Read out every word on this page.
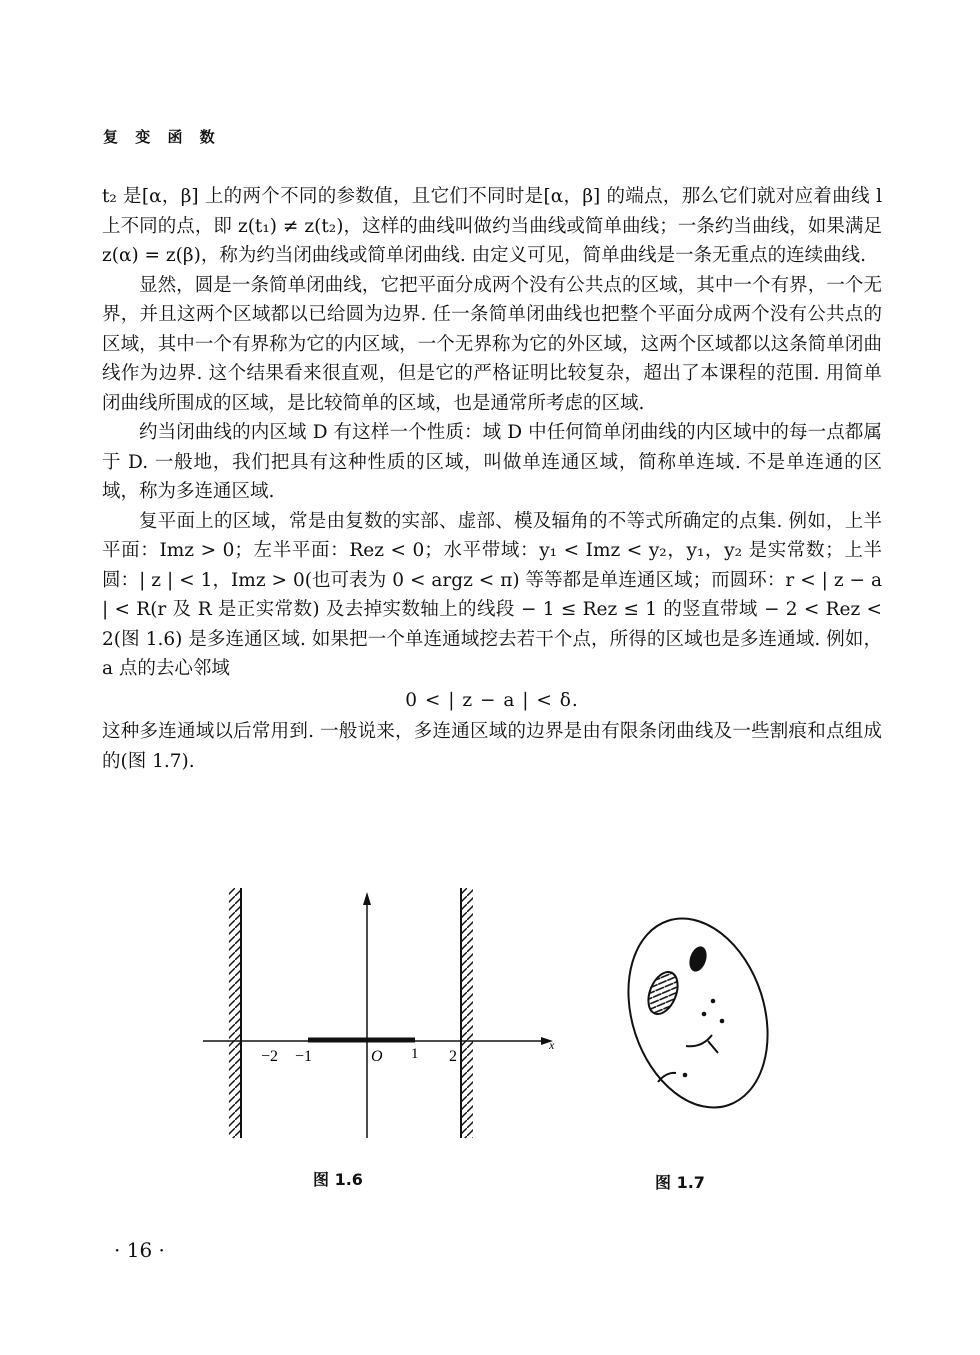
复 变 函 数

t₂ 是[α，β] 上的两个不同的参数值，且它们不同时是[α，β] 的端点，那么它们就对应着曲线 l 上不同的点，即 z(t₁) ≠ z(t₂)，这样的曲线叫做约当曲线或简单曲线；一条约当曲线，如果满足 z(α) = z(β)，称为约当闭曲线或简单闭曲线. 由定义可见，简单曲线是一条无重点的连续曲线.

显然，圆是一条简单闭曲线，它把平面分成两个没有公共点的区域，其中一个有界，一个无界，并且这两个区域都以已给圆为边界. 任一条简单闭曲线也把整个平面分成两个没有公共点的区域，其中一个有界称为它的内区域，一个无界称为它的外区域，这两个区域都以这条简单闭曲线作为边界. 这个结果看来很直观，但是它的严格证明比较复杂，超出了本课程的范围. 用简单闭曲线所围成的区域，是比较简单的区域，也是通常所考虑的区域.

约当闭曲线的内区域 D 有这样一个性质：域 D 中任何简单闭曲线的内区域中的每一点都属于 D. 一般地，我们把具有这种性质的区域，叫做单连通区域，简称单连域. 不是单连通的区域，称为多连通区域.

复平面上的区域，常是由复数的实部、虚部、模及辐角的不等式所确定的点集. 例如，上半平面：Imz > 0；左半平面：Rez < 0；水平带域：y₁ < Imz < y₂，y₁，y₂ 是实常数；上半圆：| z | < 1，Imz > 0(也可表为 0 < argz < π) 等等都是单连通区域；而圆环：r < | z − a | < R(r 及 R 是正实常数) 及去掉实数轴上的线段 − 1 ≤ Rez ≤ 1 的竖直带域 − 2 < Rez < 2(图 1.6) 是多连通区域. 如果把一个单连通域挖去若干个点，所得的区域也是多连通域. 例如，a 点的去心邻域

0 < | z − a | < δ.

这种多连通域以后常用到. 一般说来，多连通区域的边界是由有限条闭曲线及一些割痕和点组成的(图 1.7).

−2 −1	O 1 2
x
图 1.6	图 1.7
· 16 ·
